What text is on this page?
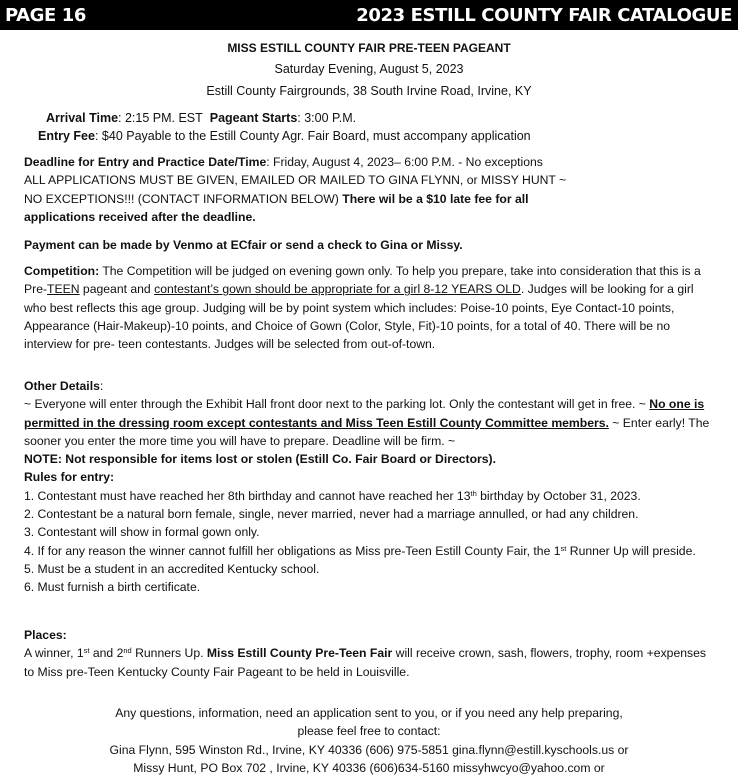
PAGE 16	2023 ESTILL COUNTY FAIR CATALOGUE
MISS ESTILL COUNTY FAIR PRE-TEEN PAGEANT
Saturday Evening, August 5, 2023
Estill County Fairgrounds, 38 South Irvine Road, Irvine, KY
Arrival Time: 2:15 PM. EST Pageant Starts: 3:00 P.M.
Entry Fee: $40 Payable to the Estill County Agr. Fair Board, must accompany application
Deadline for Entry and Practice Date/Time: Friday, August 4, 2023– 6:00 P.M. - No exceptions
ALL APPLICATIONS MUST BE GIVEN, EMAILED OR MAILED TO GINA FLYNN, or MISSY HUNT ~
NO EXCEPTIONS!!! (CONTACT INFORMATION BELOW) There wil be a $10 late fee for all applications received after the deadline.
Payment can be made by Venmo at ECfair or send a check to Gina or Missy.
Competition: The Competition will be judged on evening gown only. To help you prepare, take into consideration that this is a Pre-TEEN pageant and contestant’s gown should be appropriate for a girl 8-12 YEARS OLD. Judges will be looking for a girl who best reflects this age group. Judging will be by point system which includes: Poise-10 points, Eye Contact-10 points, Appearance (Hair-Makeup)-10 points, and Choice of Gown (Color, Style, Fit)-10 points, for a total of 40. There will be no interview for pre- teen contestants. Judges will be selected from out-of-town.
Other Details:
~ Everyone will enter through the Exhibit Hall front door next to the parking lot. Only the contestant will get in free. ~ No one is permitted in the dressing room except contestants and Miss Teen Estill County Committee members. ~ Enter early! The sooner you enter the more time you will have to prepare. Deadline will be firm. ~
NOTE: Not responsible for items lost or stolen (Estill Co. Fair Board or Directors).
Rules for entry:
1. Contestant must have reached her 8th birthday and cannot have reached her 13th birthday by October 31, 2023.
2. Contestant be a natural born female, single, never married, never had a marriage annulled, or had any children.
3. Contestant will show in formal gown only.
4. If for any reason the winner cannot fulfill her obligations as Miss pre-Teen Estill County Fair, the 1st Runner Up will preside.
5. Must be a student in an accredited Kentucky school.
6. Must furnish a birth certificate.
Places:
A winner, 1st and 2nd Runners Up. Miss Estill County Pre-Teen Fair will receive crown, sash, flowers, trophy, room +expenses to Miss pre-Teen Kentucky County Fair Pageant to be held in Louisville.
Any questions, information, need an application sent to you, or if you need any help preparing,
please feel free to contact:
Gina Flynn, 595 Winston Rd., Irvine, KY 40336 (606) 975-5851 gina.flynn@estill.kyschools.us or
Missy Hunt, PO Box 702 , Irvine, KY 40336 (606)634-5160 missyhwcyo@yahoo.com or
